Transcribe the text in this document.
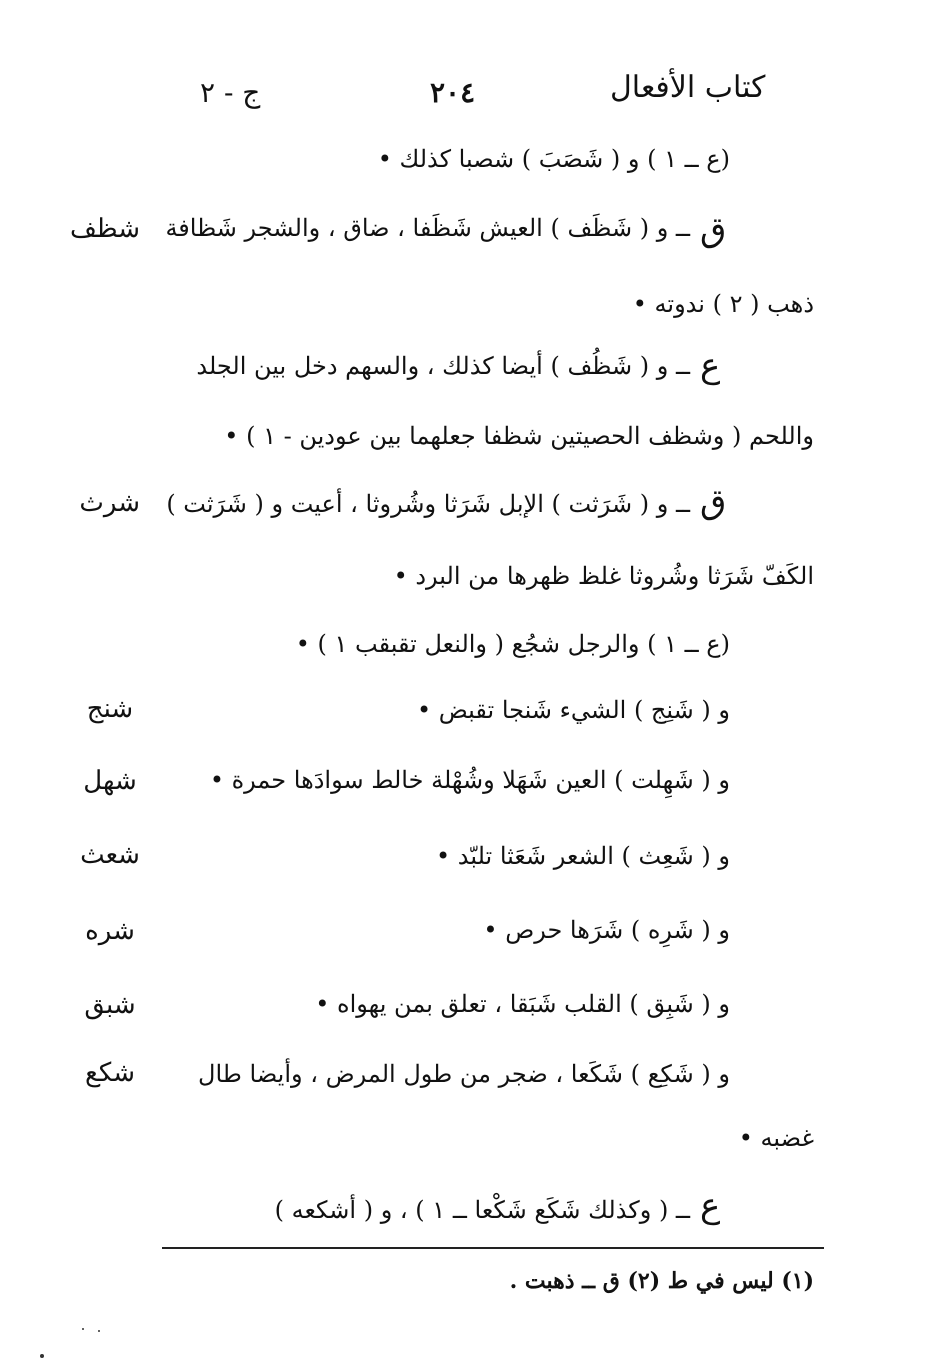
كتاب الأفعال
٢٠٤
ج - ٢
(ع ــ ١ ) و ( شَصَبَ ) شصبا كذلك •
ق
ــ و ( شَظَف ) العيش شَظَفا ، ضاق ، والشجر شَظافة
شظف
ذهب ( ٢ ) ندوته •
ع
ــ و ( شَظُف ) أيضا كذلك ، والسهم دخل بين الجلد
واللحم ( وشظف الحصيتين شظفا جعلهما بين عودين - ١ ) •
ق
ــ و ( شَرَثت ) الإبل شَرَثا وشُروثا ، أعيت و ( شَرَثت )
شرث
الكَفّ شَرَثا وشُروثا غلظ ظهرها من البرد •
(ع ــ ١ ) والرجل شجُع ( والنعل تقبقب ١ ) •
و ( شَنِج ) الشيء شَنجا تقبض •
شنج
و ( شَهِلت ) العين شَهَلا وشُهْلة خالط سوادَها حمرة •
شهل
و ( شَعِث ) الشعر شَعَثا تلبّد •
شعث
و ( شَرِه ) شَرَها حرص •
شره
و ( شَبِق ) القلب شَبَقا ، تعلق بمن يهواه •
شبق
و ( شَكِع ) شَكَعا ، ضجر من طول المرض ، وأيضا طال
شكع
غضبه •
ع
ــ ( وكذلك شَكَع شَكْعا ــ ١ ) ، و ( أشكعه )
(١) ليس في ط (٢) ق ــ ذهبت .
